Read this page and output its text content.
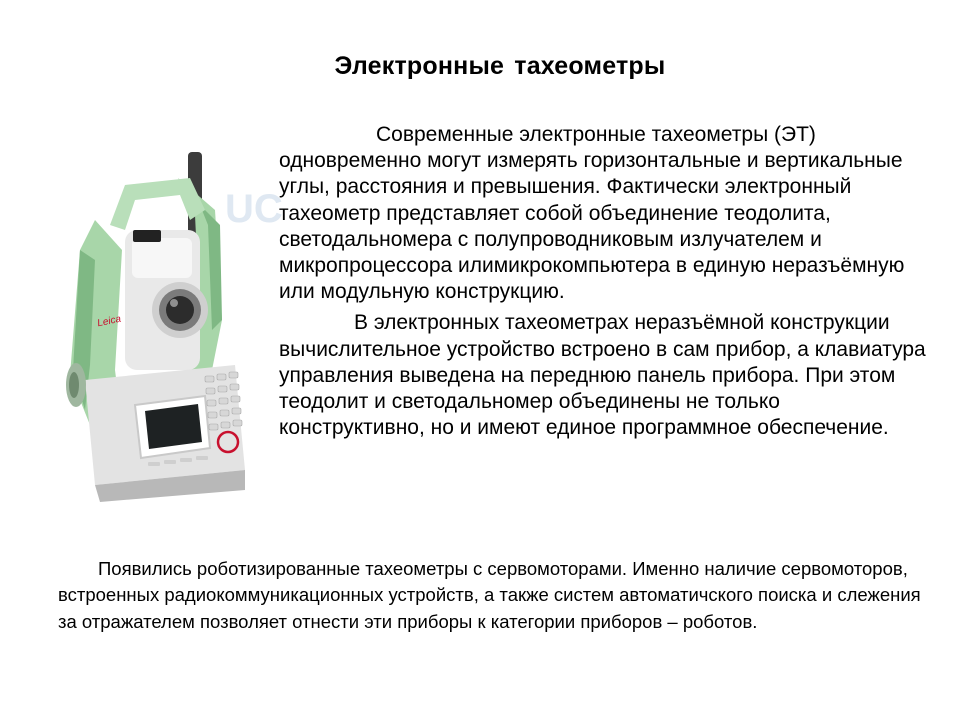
Электронные тахеометры
UC
Leica

Современные электронные тахеометры (ЭТ) одновременно могут измерять горизонтальные и вертикальные углы, расстояния и превышения. Фактически электронный тахеометр представляет собой объединение теодолита, светодальномера с полупроводниковым излучателем и микропроцессора илимикрокомпьютера в единую неразъёмную или модульную конструкцию.

В электронных тахеометрах неразъёмной конструкции вычислительное устройство встроено в сам прибор, а клавиатура управления выведена на переднюю панель прибора. При этом теодолит и светодальномер объединены не только конструктивно, но и имеют единое программное обеспечение.

Появились роботизированные тахеометры с сервомоторами. Именно наличие сервомоторов, встроенных радиокоммуникационных устройств, а также систем автоматичского поиска и слежения за отражателем позволяет отнести эти приборы к категории приборов – роботов.
